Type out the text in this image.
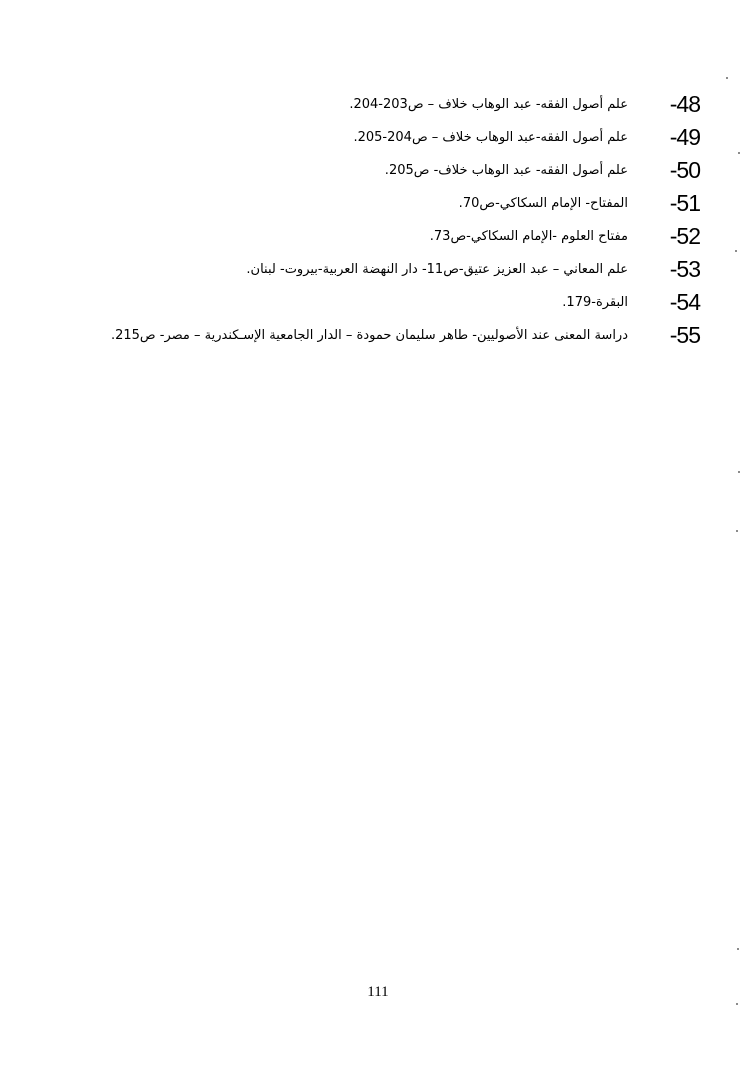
-48
علم أصول الفقه- عبد الوهاب خلاف – ص203-204.
-49
علم أصول الفقه-عبد الوهاب خلاف – ص204-205.
-50
علم أصول الفقه- عبد الوهاب خلاف- ص205.
-51
المفتاح- الإمام السكاكي-ص70.
-52
مفتاح العلوم -الإمام السكاكي-ص73.
-53
علم المعاني – عبد العزيز عتيق-ص11- دار النهضة العربية-بيروت- لبنان.
-54
البقرة-179.
-55
دراسة المعنى عند الأصوليين- طاهر سليمان حمودة – الدار الجامعية الإسـكندرية – مصر- ص215.
111
